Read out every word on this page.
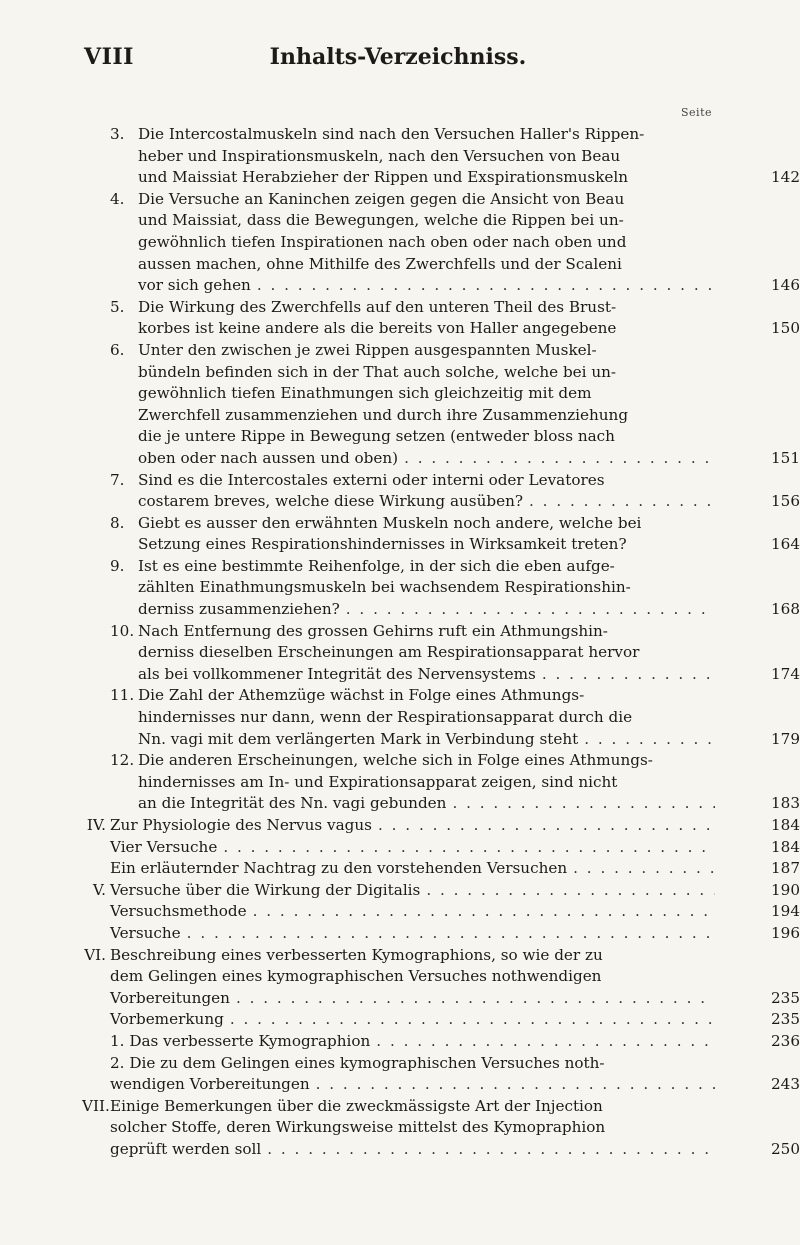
VIII	Inhalts-Verzeichniss.
Seite
3. Die Intercostalmuskeln sind nach den Versuchen Haller's Rippen-
heber und Inspirationsmuskeln, nach den Versuchen von Beau
und Maissiat Herabzieher der Rippen und Exspirationsmuskeln	142
4. Die Versuche an Kaninchen zeigen gegen die Ansicht von Beau
und Maissiat, dass die Bewegungen, welche die Rippen bei un-
gewöhnlich tiefen Inspirationen nach oben oder nach oben und
aussen machen, ohne Mithilfe des Zwerchfells und der Scaleni
vor sich gehen . . .	146
5. Die Wirkung des Zwerchfells auf den unteren Theil des Brust-
korbes ist keine andere als die bereits von Haller angegebene	150
6. Unter den zwischen je zwei Rippen ausgespannten Muskel-
bündeln befinden sich in der That auch solche, welche bei un-
gewöhnlich tiefen Einathmungen sich gleichzeitig mit dem
Zwerchfell zusammenziehen und durch ihre Zusammenziehung
die je untere Rippe in Bewegung setzen (entweder bloss nach
oben oder nach aussen und oben) . . .	151
7. Sind es die Intercostales externi oder interni oder Levatores
costarem breves, welche diese Wirkung ausüben? . . .	156
8. Giebt es ausser den erwähnten Muskeln noch andere, welche bei
Setzung eines Respirationshindernisses in Wirksamkeit treten?	164
9. Ist es eine bestimmte Reihenfolge, in der sich die eben aufge-
zählten Einathmungsmuskeln bei wachsendem Respirationshin-
derniss zusammenziehen? . . .	168
10. Nach Entfernung des grossen Gehirns ruft ein Athmungshin-
derniss dieselben Erscheinungen am Respirationsapparat hervor
als bei vollkommener Integrität des Nervensystems . . .	174
11. Die Zahl der Athemzüge wächst in Folge eines Athmungs-
hindernisses nur dann, wenn der Respirationsapparat durch die
Nn. vagi mit dem verlängerten Mark in Verbindung steht . . .	179
12. Die anderen Erscheinungen, welche sich in Folge eines Athmungs-
hindernisses am In- und Expirationsapparat zeigen, sind nicht
an die Integrität des Nn. vagi gebunden . . .	183
IV. Zur Physiologie des Nervus vagus . . .	184
Vier Versuche . . .	184
Ein erläuternder Nachtrag zu den vorstehenden Versuchen . . .	187
V. Versuche über die Wirkung der Digitalis . . .	190
Versuchsmethode . . .	194
Versuche . . .	196
VI. Beschreibung eines verbesserten Kymographions, so wie der zu
dem Gelingen eines kymographischen Versuches nothwendigen
Vorbereitungen . . .	235
Vorbemerkung . . .	235
1. Das verbesserte Kymographion . . .	236
2. Die zu dem Gelingen eines kymographischen Versuches noth-
wendigen Vorbereitungen . . .	243
VII. Einige Bemerkungen über die zweckmässigste Art der Injection
solcher Stoffe, deren Wirkungsweise mittelst des Kymopraphion
geprüft werden soll . . .	250
